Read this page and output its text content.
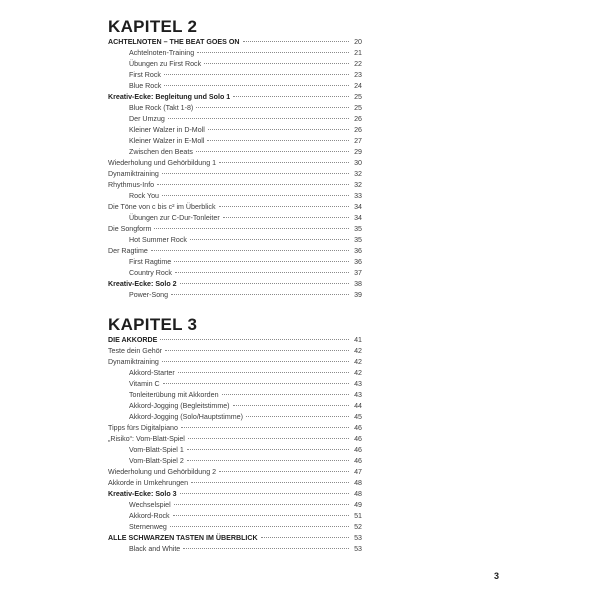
KAPITEL 2
ACHTELNOTEN – THE BEAT GOES ON	20
Achtelnoten-Training	21
Übungen zu First Rock	22
First Rock	23
Blue Rock	24
Kreativ-Ecke: Begleitung und Solo 1	25
Blue Rock (Takt 1-8)	25
Der Umzug	26
Kleiner Walzer in D-Moll	26
Kleiner Walzer in E-Moll	27
Zwischen den Beats	29
Wiederholung und Gehörbildung 1	30
Dynamiktraining	32
Rhythmus-Info	32
Rock You	33
Die Töne von c bis c² im Überblick	34
Übungen zur C-Dur-Tonleiter	34
Die Songform	35
Hot Summer Rock	35
Der Ragtime	36
First Ragtime	36
Country Rock	37
Kreativ-Ecke: Solo 2	38
Power-Song	39
KAPITEL 3
DIE AKKORDE	41
Teste dein Gehör	42
Dynamiktraining	42
Akkord-Starter	42
Vitamin C	43
Tonleiterübung mit Akkorden	43
Akkord-Jogging (Begleitstimme)	44
Akkord-Jogging (Solo/Hauptstimme)	45
Tipps fürs Digitalpiano	46
„Risiko“: Vom-Blatt-Spiel	46
Vom-Blatt-Spiel 1	46
Vom-Blatt-Spiel 2	46
Wiederholung und Gehörbildung 2	47
Akkorde in Umkehrungen	48
Kreativ-Ecke: Solo 3	48
Wechselspiel	49
Akkord-Rock	51
Sternenweg	52
ALLE SCHWARZEN TASTEN IM ÜBERBLICK	53
Black and White	53
3
